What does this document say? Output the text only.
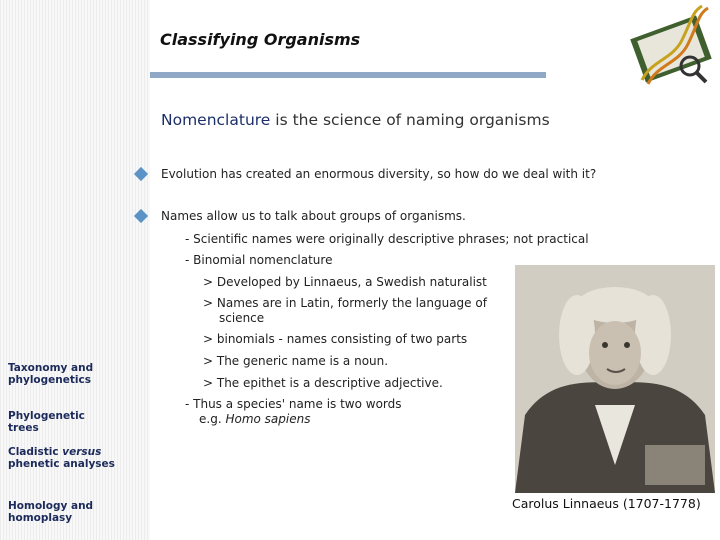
Taxonomy and phylogenetics
Phylogenetic trees
Cladistic versus phenetic analyses
Homology and homoplasy
Classifying Organisms
Nomenclature is the science of naming organisms
Evolution has created an enormous diversity, so how do we deal with it?
Names allow us to talk about groups of organisms.
- Scientific names were originally descriptive phrases; not practical
- Binomial nomenclature
> Developed by Linnaeus, a Swedish naturalist
> Names are in Latin, formerly the language of
science
> binomials - names consisting of two parts
> The generic name is a noun.
> The epithet is a descriptive adjective.
- Thus a species' name is two words
e.g. Homo sapiens
Carolus Linnaeus (1707-1778)
